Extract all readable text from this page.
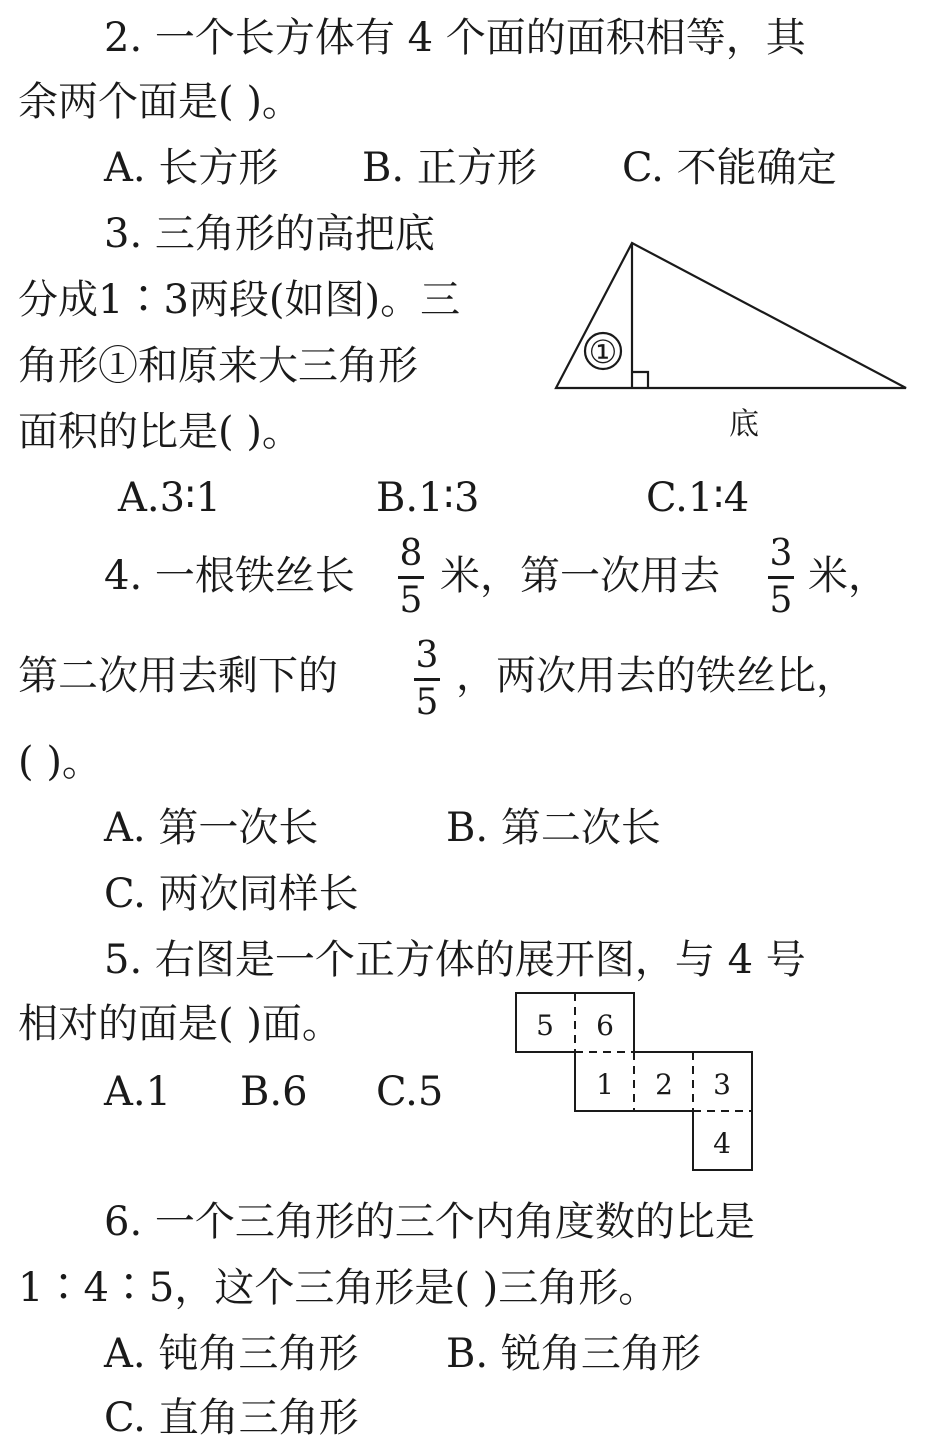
2. 一个长方体有 4 个面的面积相等，其
余两个面是( )。
A. 长方形 B. 正方形 C. 不能确定
3. 三角形的高把底
分成1∶3两段(如图)。三
角形①和原来大三角形
面积的比是( )。
A.3∶1	B.1∶3	C.1∶4
4. 一根铁丝长 8
5
米，第一次用去 3
5
米，
第二次用去剩下的 3
5
，两次用去的铁丝比，
( )。
A. 第一次长	B. 第二次长
C. 两次同样长
5. 右图是一个正方体的展开图，与 4 号
相对的面是( )面。
A.1 B.6 C.5
6. 一个三角形的三个内角度数的比是
1∶4∶5，这个三角形是( )三角形。
A. 钝角三角形 B. 锐角三角形
C. 直角三角形
①
底
5 6
1 2 3
4
